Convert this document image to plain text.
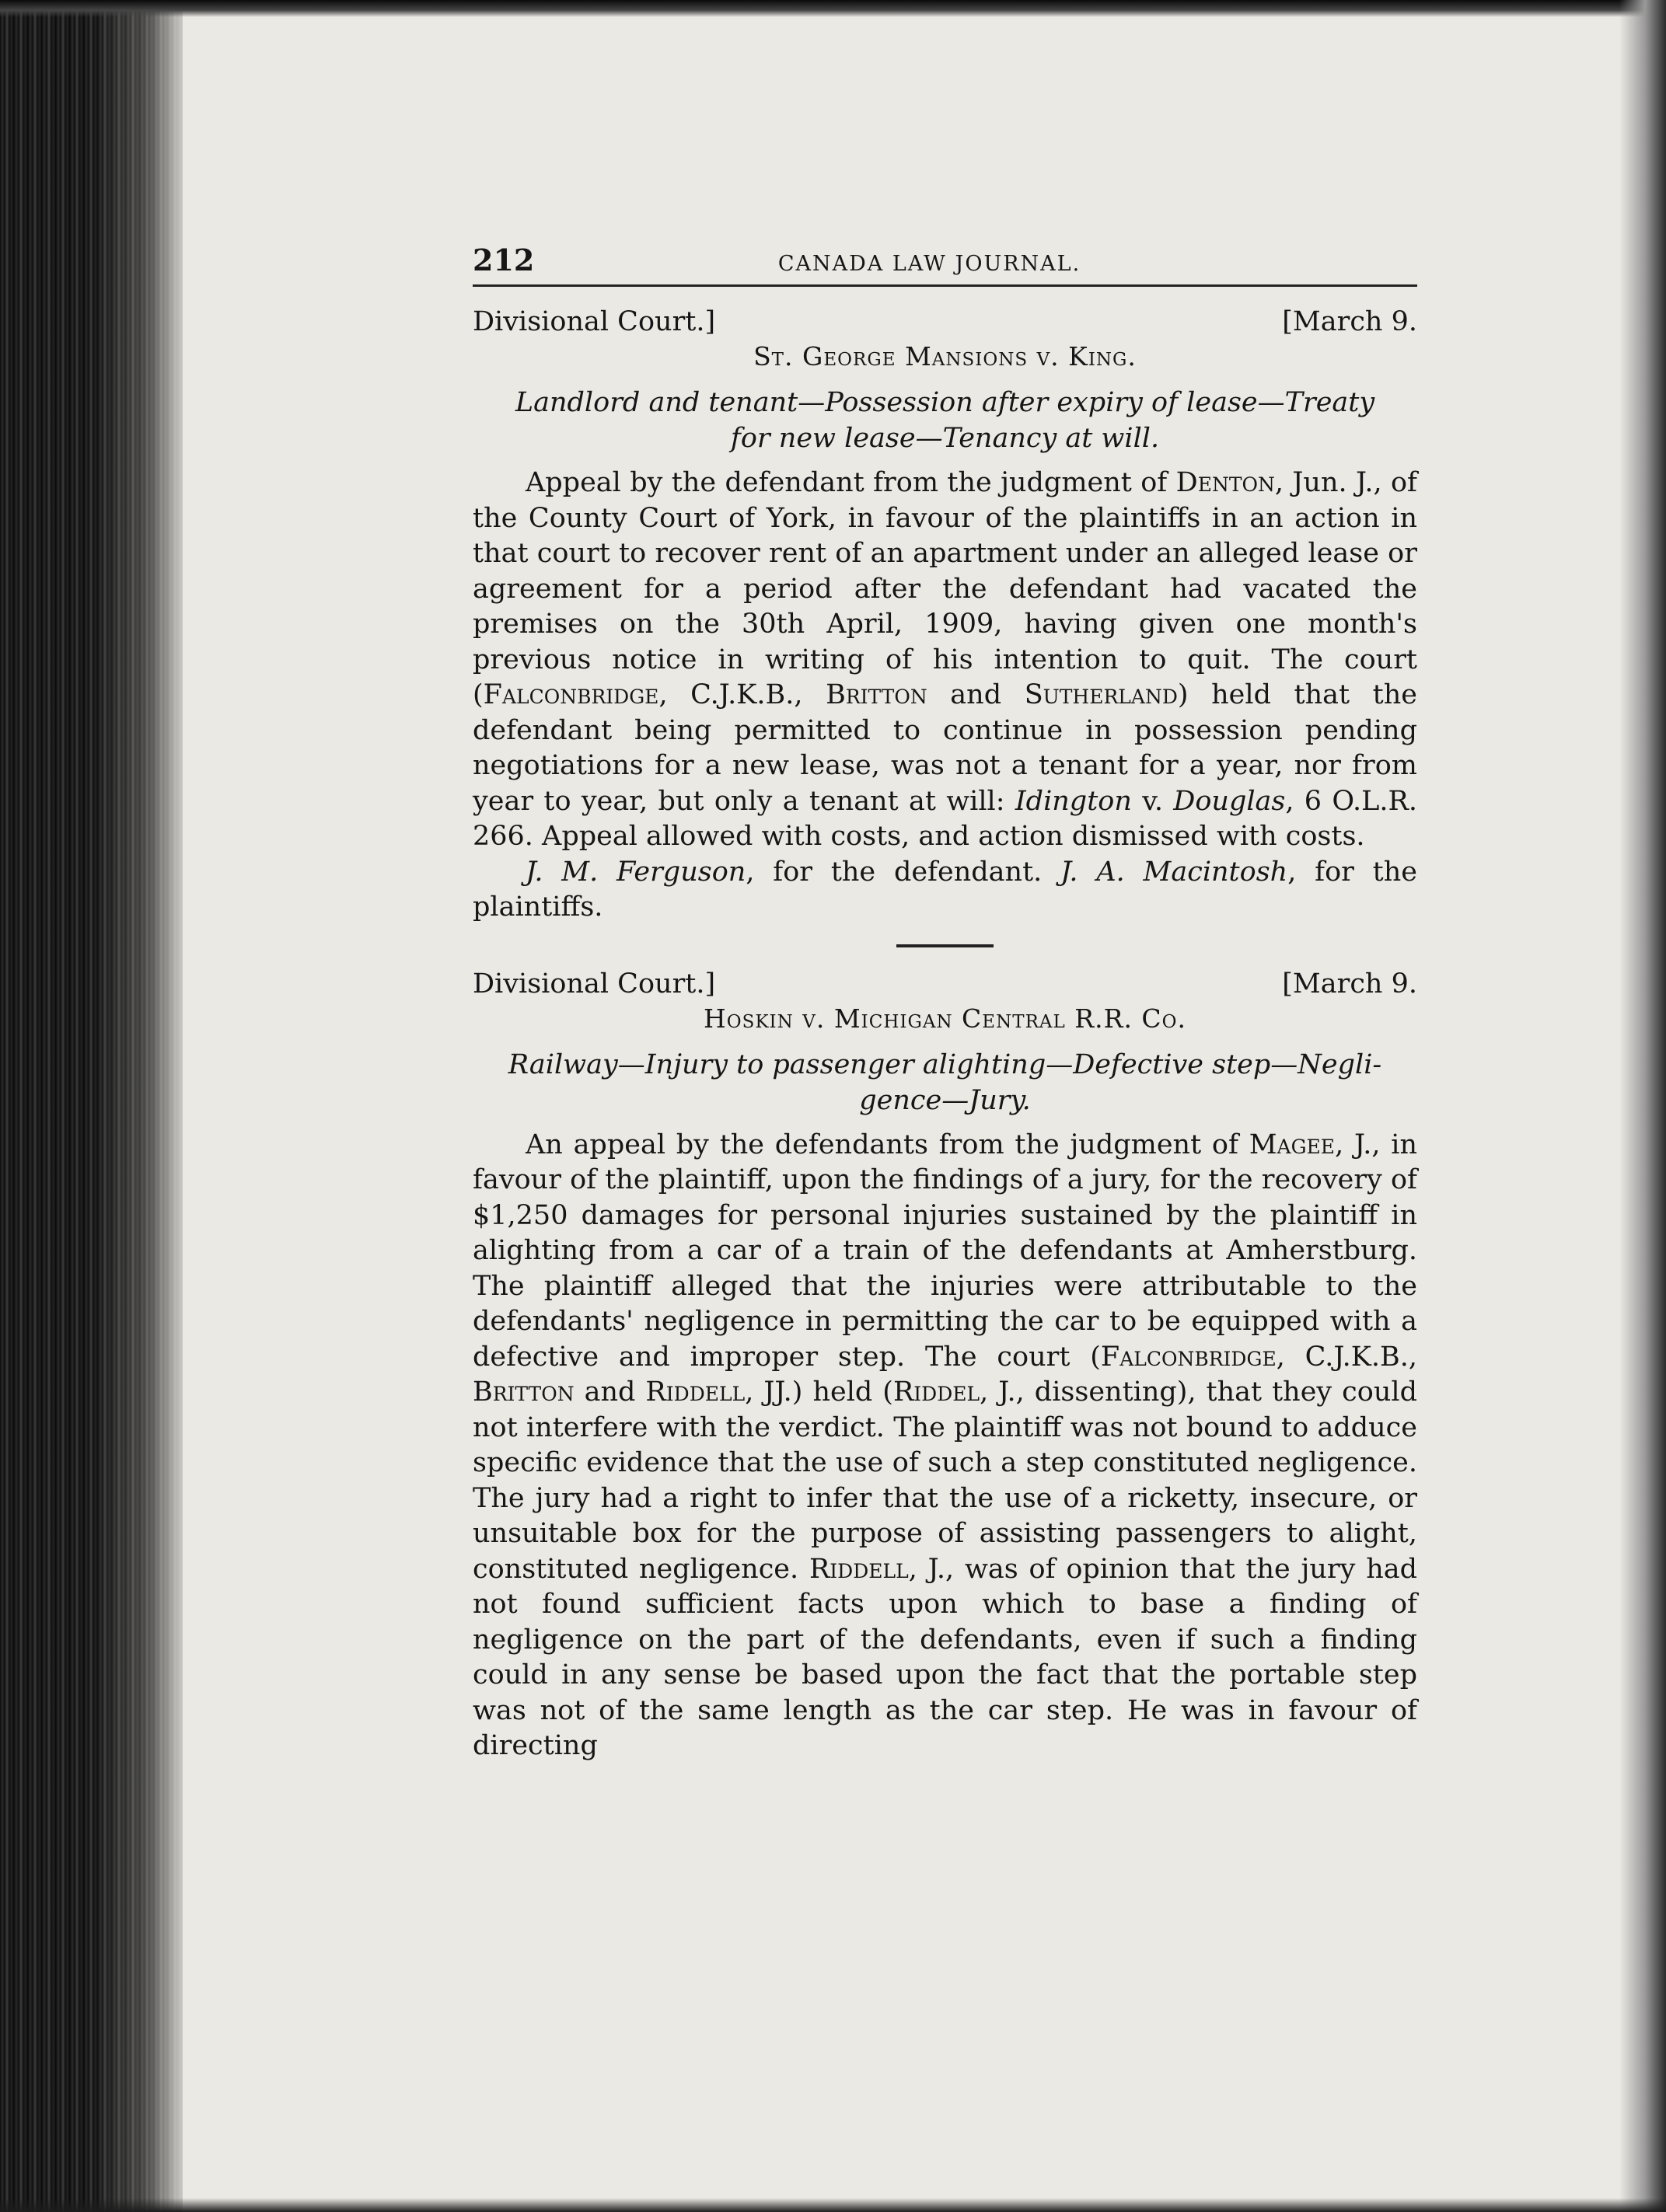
212	CANADA LAW JOURNAL.
Divisional Court.]	[March 9.
St. George Mansions v. King.
Landlord and tenant—Possession after expiry of lease—Treaty
for new lease—Tenancy at will.

Appeal by the defendant from the judgment of Denton, Jun. J., of the County Court of York, in favour of the plaintiffs in an action in that court to recover rent of an apartment under an alleged lease or agreement for a period after the defendant had vacated the premises on the 30th April, 1909, having given one month's previous notice in writing of his intention to quit. The court (Falconbridge, C.J.K.B., Britton and Sutherland) held that the defendant being permitted to continue in possession pending negotiations for a new lease, was not a tenant for a year, nor from year to year, but only a tenant at will: Idington v. Douglas, 6 O.L.R. 266. Appeal allowed with costs, and action dismissed with costs.

J. M. Ferguson, for the defendant. J. A. Macintosh, for the plaintiffs.

Divisional Court.]	[March 9.
Hoskin v. Michigan Central R.R. Co.
Railway—Injury to passenger alighting—Defective step—Negli-
gence—Jury.

An appeal by the defendants from the judgment of Magee, J., in favour of the plaintiff, upon the findings of a jury, for the recovery of $1,250 damages for personal injuries sustained by the plaintiff in alighting from a car of a train of the defendants at Amherstburg. The plaintiff alleged that the injuries were attributable to the defendants' negligence in permitting the car to be equipped with a defective and improper step. The court (Falconbridge, C.J.K.B., Britton and Riddell, JJ.) held (Riddel, J., dissenting), that they could not interfere with the verdict. The plaintiff was not bound to adduce specific evidence that the use of such a step constituted negligence. The jury had a right to infer that the use of a ricketty, insecure, or unsuitable box for the purpose of assisting passengers to alight, constituted negligence. Riddell, J., was of opinion that the jury had not found sufficient facts upon which to base a finding of negligence on the part of the defendants, even if such a finding could in any sense be based upon the fact that the portable step was not of the same length as the car step. He was in favour of directing
